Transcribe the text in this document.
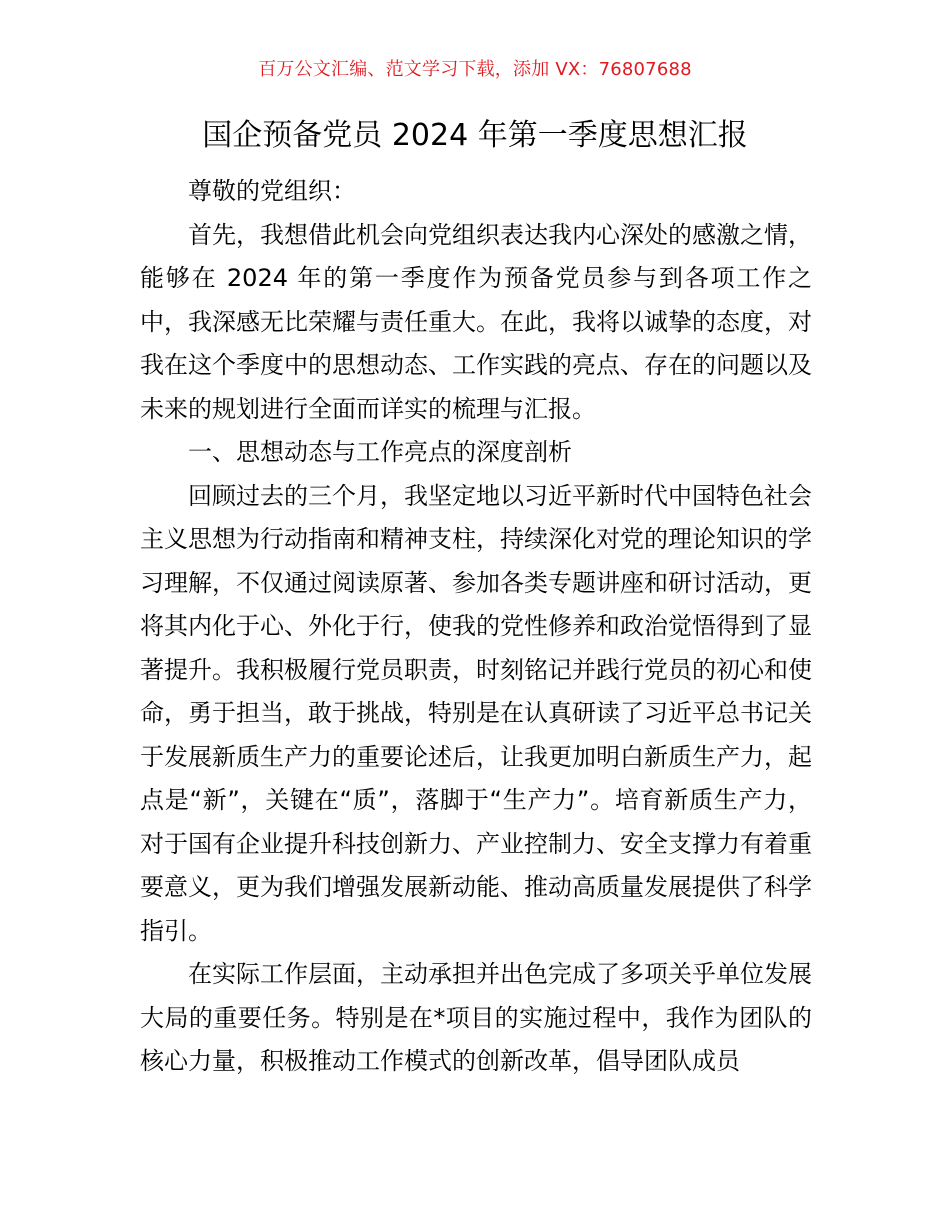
百万公文汇编、范文学习下载，添加 VX：76807688
国企预备党员 2024 年第一季度思想汇报

尊敬的党组织：

首先，我想借此机会向党组织表达我内心深处的感激之情，能够在 2024 年的第一季度作为预备党员参与到各项工作之中，我深感无比荣耀与责任重大。在此，我将以诚挚的态度，对我在这个季度中的思想动态、工作实践的亮点、存在的问题以及未来的规划进行全面而详实的梳理与汇报。

一、思想动态与工作亮点的深度剖析

回顾过去的三个月，我坚定地以习近平新时代中国特色社会主义思想为行动指南和精神支柱，持续深化对党的理论知识的学习理解，不仅通过阅读原著、参加各类专题讲座和研讨活动，更将其内化于心、外化于行，使我的党性修养和政治觉悟得到了显著提升。我积极履行党员职责，时刻铭记并践行党员的初心和使命，勇于担当，敢于挑战，特别是在认真研读了习近平总书记关于发展新质生产力的重要论述后，让我更加明白新质生产力，起点是“新”，关键在“质”，落脚于“生产力”。培育新质生产力，对于国有企业提升科技创新力、产业控制力、安全支撑力有着重要意义，更为我们增强发展新动能、推动高质量发展提供了科学指引。

在实际工作层面，主动承担并出色完成了多项关乎单位发展大局的重要任务。特别是在*项目的实施过程中，我作为团队的核心力量，积极推动工作模式的创新改革，倡导团队成员
